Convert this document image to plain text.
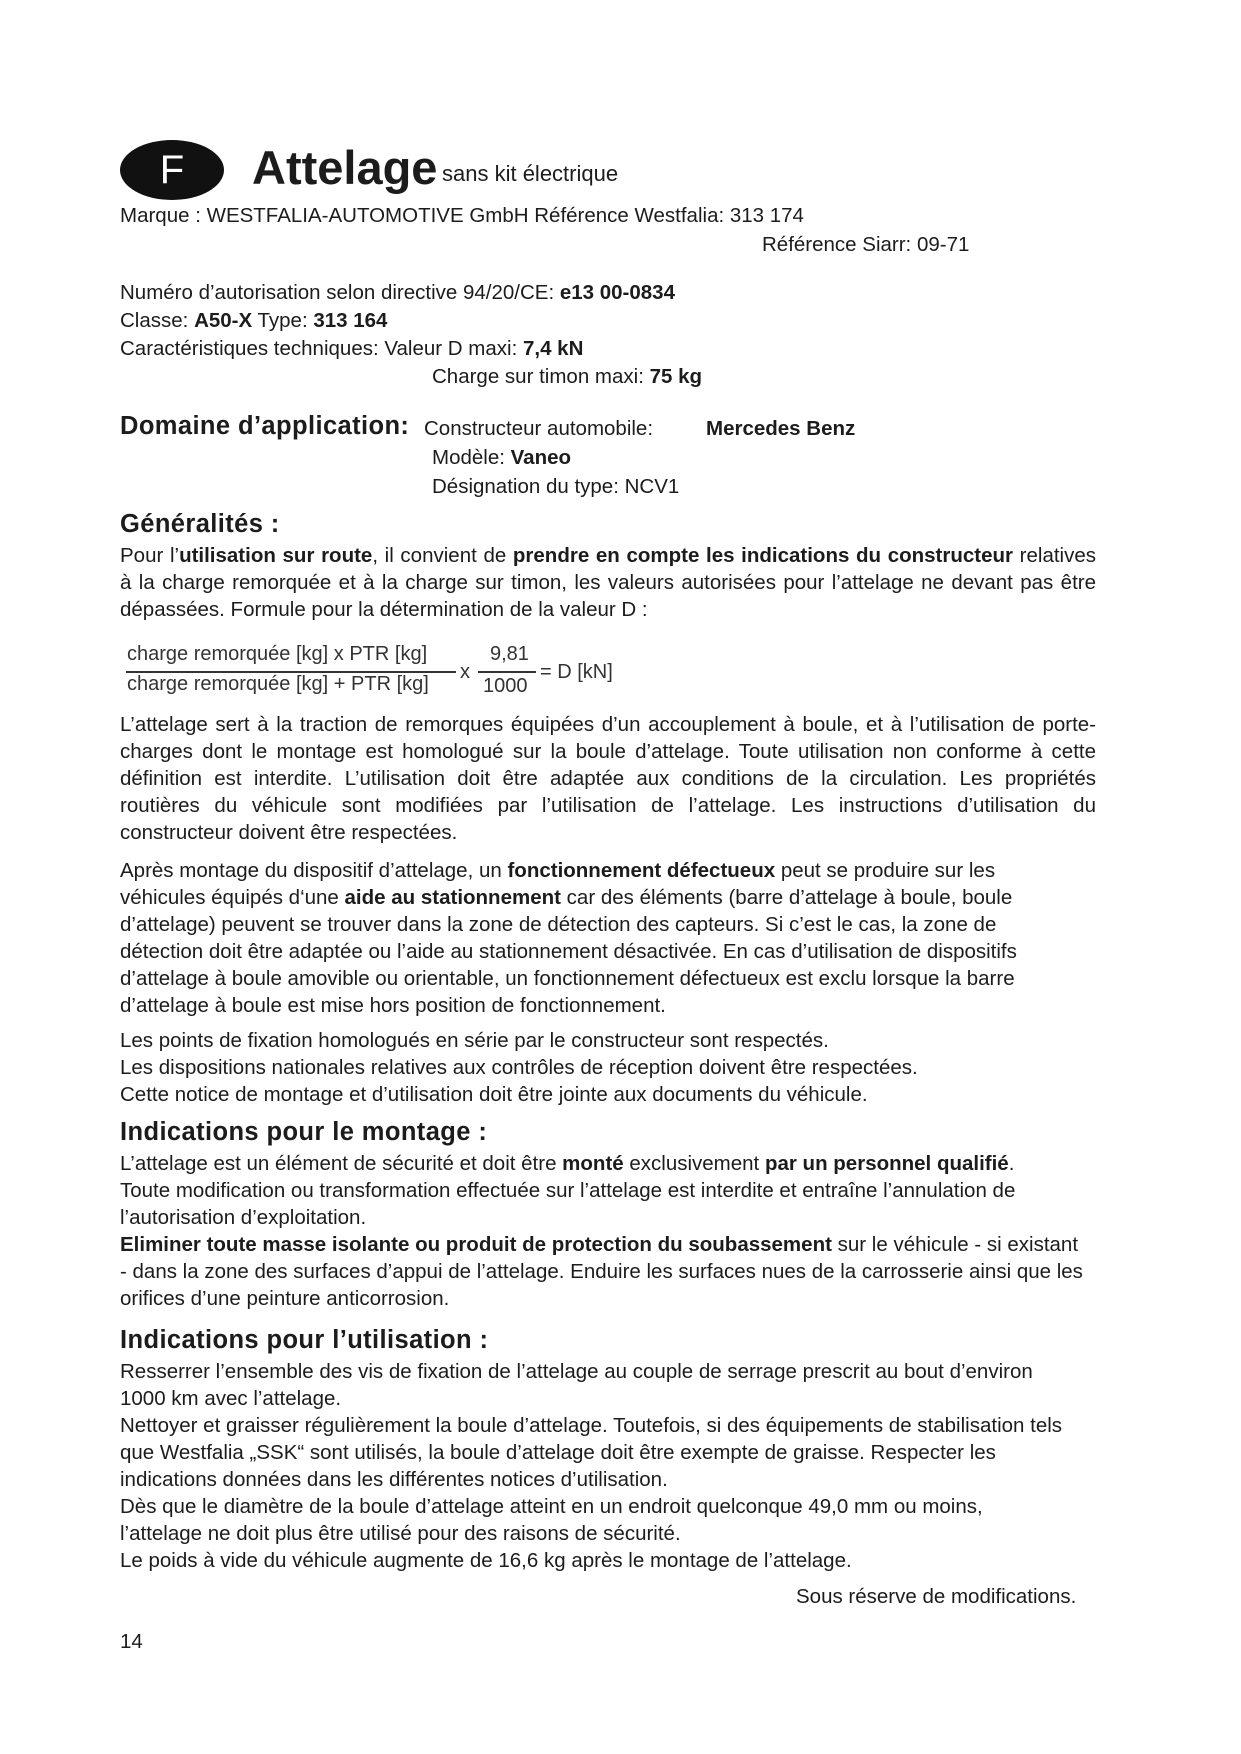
F	Attelage sans kit électrique
Marque : WESTFALIA-AUTOMOTIVE GmbH Référence Westfalia: 313 174
Référence Siarr: 09-71
Numéro d’autorisation selon directive 94/20/CE: e13 00-0834
Classe: A50-X Type: 313 164
Caractéristiques techniques: Valeur D maxi: 7,4 kN
Charge sur timon maxi: 75 kg
Domaine d’application: Constructeur automobile:	Mercedes Benz
Modèle: Vaneo
Désignation du type: NCV1
Généralités :
Pour l’utilisation sur route, il convient de prendre en compte les indications du constructeur relatives à la charge remorquée et à la charge sur timon, les valeurs autorisées pour l’attelage ne devant pas être dépassées. Formule pour la détermination de la valeur D :
charge remorquée [kg] x PTR [kg]
charge remorquée [kg] + PTR [kg]
x
9,81
1000
= D [kN]
L’attelage sert à la traction de remorques équipées d’un accouplement à boule, et à l’utilisation de porte-charges dont le montage est homologué sur la boule d’attelage. Toute utilisation non conforme à cette définition est interdite. L’utilisation doit être adaptée aux conditions de la circulation. Les propriétés routières du véhicule sont modifiées par l’utilisation de l’attelage. Les instructions d’utilisation du constructeur doivent être respectées.
Après montage du dispositif d’attelage, un fonctionnement défectueux peut se produire sur les véhicules équipés d‘une aide au stationnement car des éléments (barre d’attelage à boule, boule d’attelage) peuvent se trouver dans la zone de détection des capteurs. Si c’est le cas, la zone de détection doit être adaptée ou l’aide au stationnement désactivée. En cas d’utilisation de dispositifs d’attelage à boule amovible ou orientable, un fonctionnement défectueux est exclu lorsque la barre d’attelage à boule est mise hors position de fonctionnement.

Les points de fixation homologués en série par le constructeur sont respectés.

Les dispositions nationales relatives aux contrôles de réception doivent être respectées.

Cette notice de montage et d’utilisation doit être jointe aux documents du véhicule.

Indications pour le montage :
L’attelage est un élément de sécurité et doit être monté exclusivement par un personnel qualifié.
Toute modification ou transformation effectuée sur l’attelage est interdite et entraîne l’annulation de l’autorisation d’exploitation.
Eliminer toute masse isolante ou produit de protection du soubassement sur le véhicule - si existant - dans la zone des surfaces d’appui de l’attelage. Enduire les surfaces nues de la carrosserie ainsi que les orifices d’une peinture anticorrosion.
Indications pour l’utilisation :
Resserrer l’ensemble des vis de fixation de l’attelage au couple de serrage prescrit au bout d’environ 1000 km avec l’attelage.
Nettoyer et graisser régulièrement la boule d’attelage. Toutefois, si des équipements de stabilisation tels que Westfalia „SSK“ sont utilisés, la boule d’attelage doit être exempte de graisse. Respecter les indications données dans les différentes notices d’utilisation.
Dès que le diamètre de la boule d’attelage atteint en un endroit quelconque 49,0 mm ou moins, l’attelage ne doit plus être utilisé pour des raisons de sécurité.
Le poids à vide du véhicule augmente de 16,6 kg après le montage de l’attelage.
Sous réserve de modifications.
14
